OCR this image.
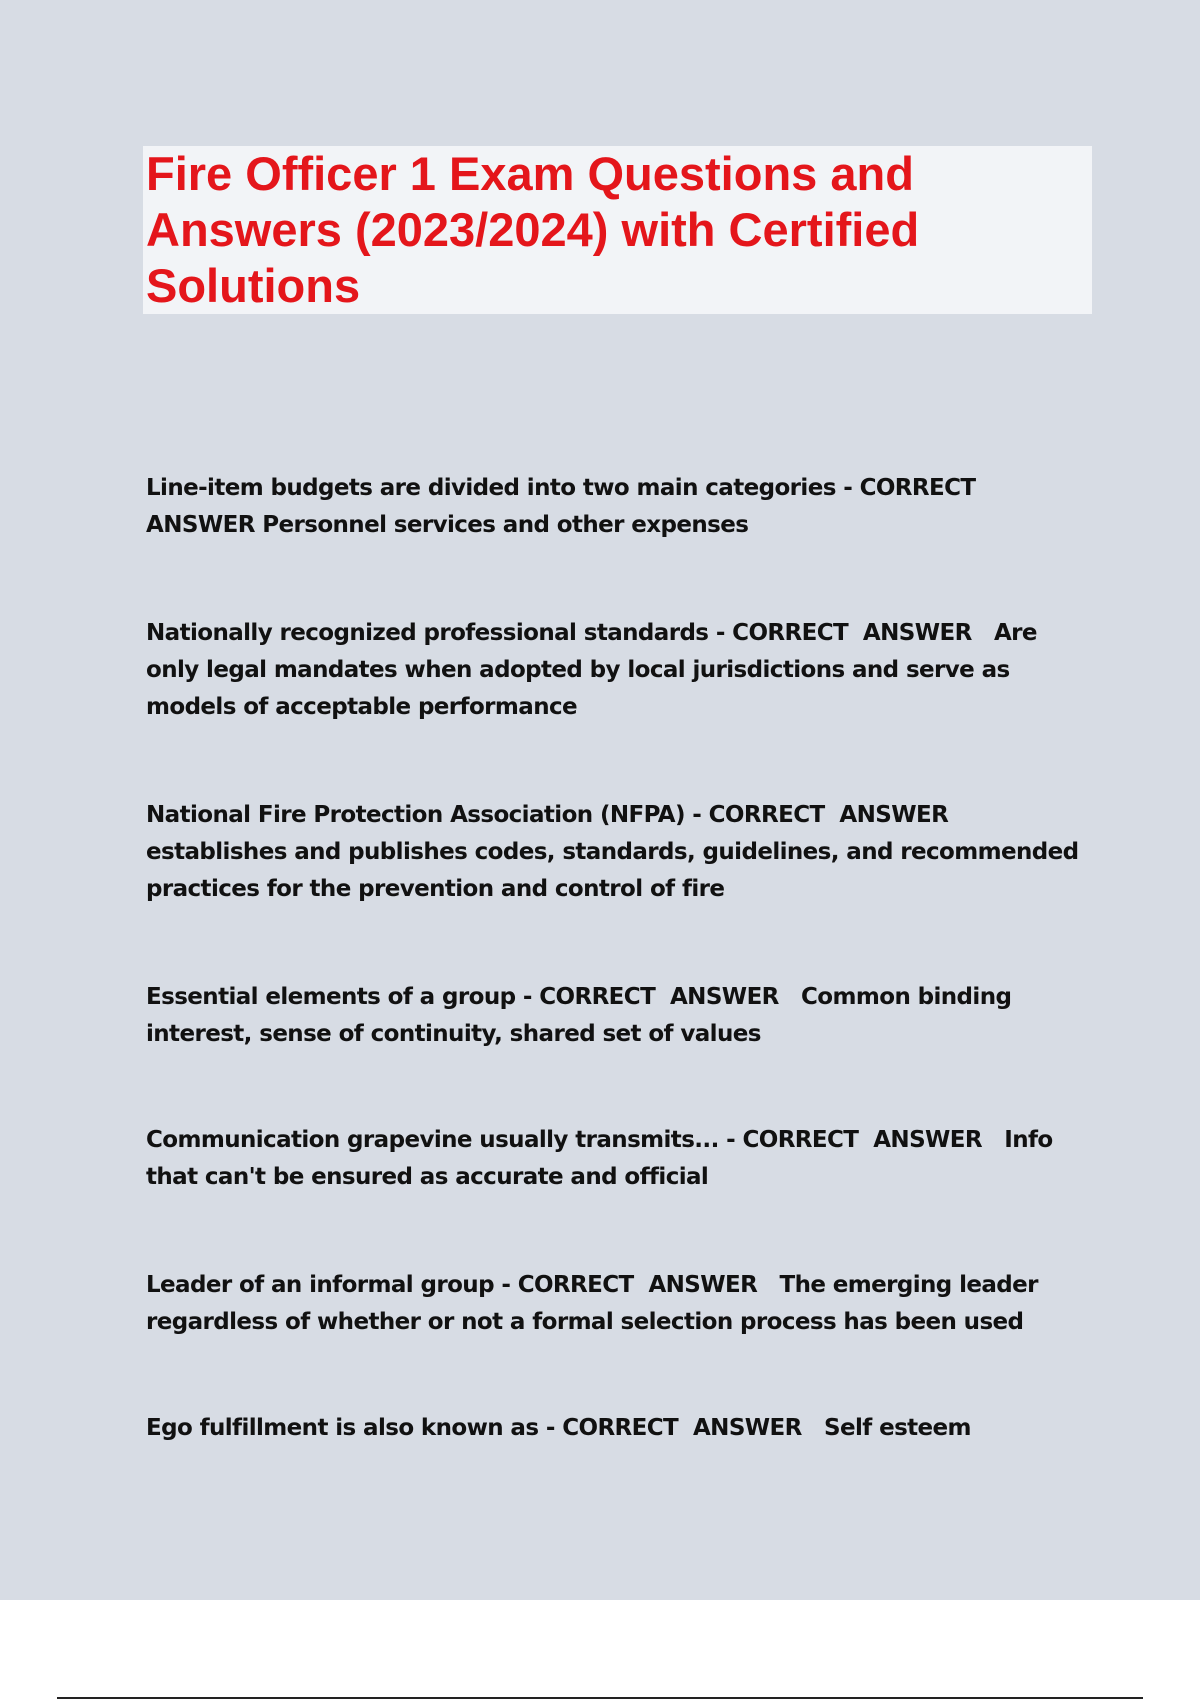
Fire Officer 1 Exam Questions and Answers (2023/2024) with Certified Solutions
Line-item budgets are divided into two main categories - CORRECT  ANSWER Personnel services and other expenses
Nationally recognized professional standards - CORRECT  ANSWER Are only legal mandates when adopted by local jurisdictions and serve as models of acceptable performance
National Fire Protection Association (NFPA) - CORRECT  ANSWER   establishes and publishes codes, standards, guidelines, and recommended practices for the prevention and control of fire
Essential elements of a group - CORRECT  ANSWER Common binding interest, sense of continuity, shared set of values
Communication grapevine usually transmits... - CORRECT  ANSWER Info that can't be ensured as accurate and official
Leader of an informal group - CORRECT  ANSWER The emerging leader regardless of whether or not a formal selection process has been used
Ego fulfillment is also known as - CORRECT  ANSWER Self esteem
